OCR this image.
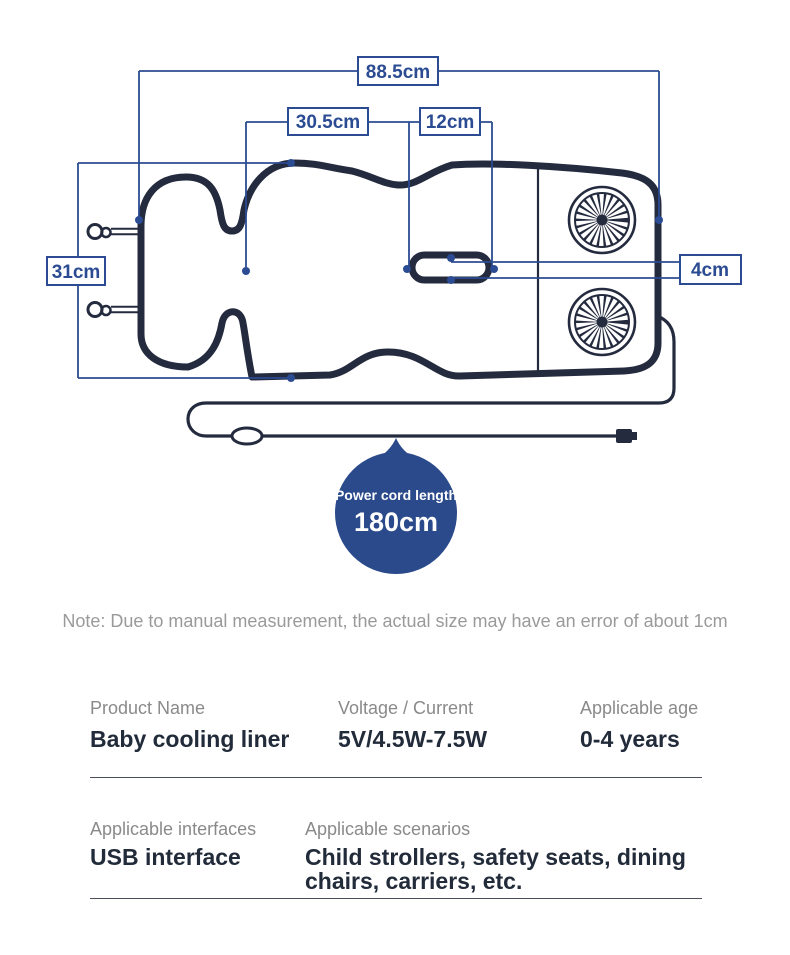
88.5cm
30.5cm	12cm
31cm	4cm
Power cord length
180cm
Note: Due to manual measurement, the actual size may have an error of about 1cm
Product Name
Baby cooling liner
Voltage / Current
5V/4.5W-7.5W
Applicable age
0-4 years
Applicable interfaces
USB interface
Applicable scenarios
Child strollers, safety seats, dining chairs, carriers, etc.
